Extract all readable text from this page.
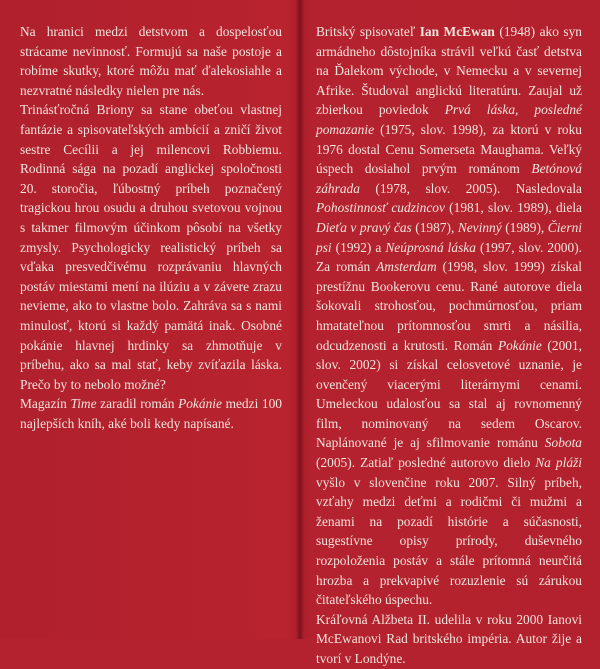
Na hranici medzi detstvom a dospelosťou strácame nevinnosť. Formujú sa naše postoje a robíme skutky, ktoré môžu mať ďalekosiahle a nezvratné následky nielen pre nás.

Trinásťročná Briony sa stane obeťou vlastnej fantázie a spisovateľských ambícií a zničí život sestre Cecílii a jej milencovi Robbiemu. Rodinná sága na pozadí anglickej spoločnosti 20. storočia, ľúbostný príbeh poznačený tragickou hrou osudu a druhou svetovou vojnou s takmer filmovým účinkom pôsobí na všetky zmysly. Psychologicky realistický príbeh sa vďaka presvedčivému rozprávaniu hlavných postáv miestami mení na ilúziu a v závere zrazu nevieme, ako to vlastne bolo. Zahráva sa s nami minulosť, ktorú si každý pamätá inak. Osobné pokánie hlavnej hrdinky sa zhmotňuje v príbehu, ako sa mal stať, keby zvíťazila láska. Prečo by to nebolo možné?

Magazín Time zaradil román Pokánie medzi 100 najlepších kníh, aké boli kedy napísané.

Britský spisovateľ Ian McEwan (1948) ako syn armádneho dôstojníka strávil veľkú časť detstva na Ďalekom východe, v Nemecku a v severnej Afrike. Študoval anglickú literatúru. Zaujal už zbierkou poviedok Prvá láska, posledné pomazanie (1975, slov. 1998), za ktorú v roku 1976 dostal Cenu Somerseta Maughama. Veľký úspech dosiahol prvým románom Betónová záhrada (1978, slov. 2005). Nasledovala Pohostinnosť cudzincov (1981, slov. 1989), diela Dieťa v pravý čas (1987), Nevinný (1989), Čierni psi (1992) a Neúprosná láska (1997, slov. 2000). Za román Amsterdam (1998, slov. 1999) získal prestížnu Bookerovu cenu. Rané autorove diela šokovali strohosťou, pochmúrnosťou, priam hmatateľnou prítomnosťou smrti a násilia, odcudzenosti a krutosti. Román Pokánie (2001, slov. 2002) si získal celosvetové uznanie, je ovenčený viacerými literárnymi cenami. Umeleckou udalosťou sa stal aj rovnomenný film, nominovaný na sedem Oscarov. Naplánované je aj sfilmovanie románu Sobota (2005). Zatiaľ posledné autorovo dielo Na pláži vyšlo v slovenčine roku 2007. Silný príbeh, vzťahy medzi deťmi a rodičmi či mužmi a ženami na pozadí histórie a súčasnosti, sugestívne opisy prírody, duševného rozpoloženia postáv a stále prítomná neurčitá hrozba a prekvapivé rozuzlenie sú zárukou čitateľského úspechu.

Kráľovná Alžbeta II. udelila v roku 2000 Ianovi McEwanovi Rad britského impéria. Autor žije a tvorí v Londýne.
